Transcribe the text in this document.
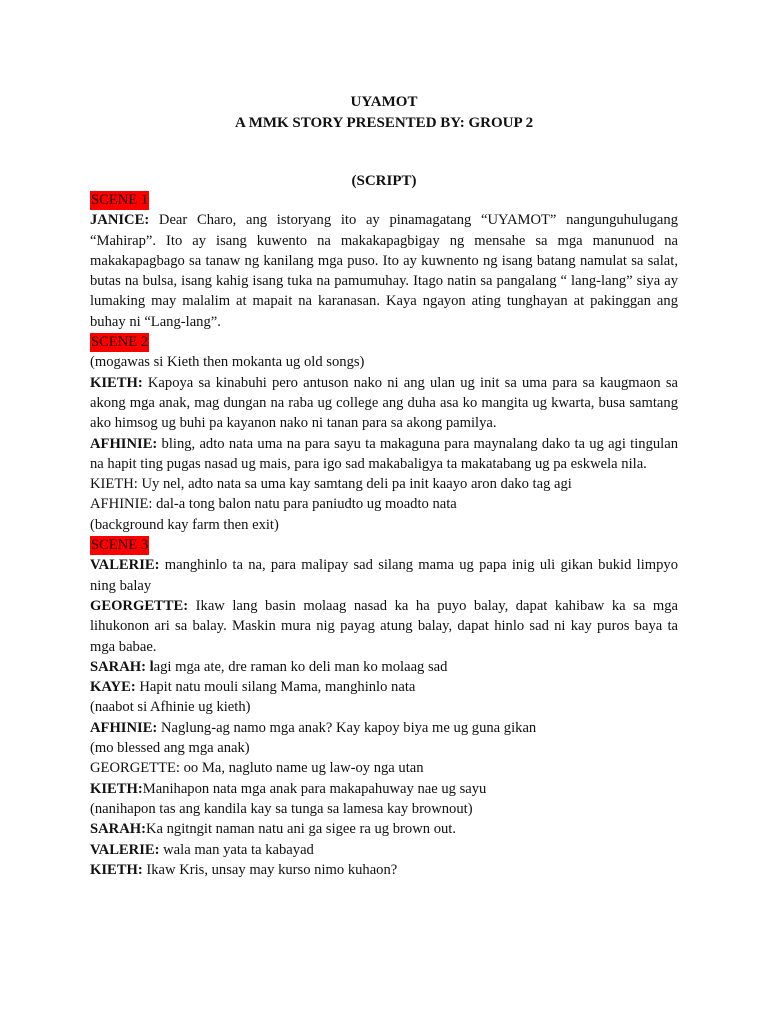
UYAMOT
A MMK STORY PRESENTED BY: GROUP 2
(SCRIPT)
SCENE 1
JANICE: Dear Charo, ang istoryang ito ay pinamagatang “UYAMOT” nangunguhulugang “Mahirap”. Ito ay isang kuwento na makakapagbigay ng mensahe sa mga manunuod na makakapagbago sa tanaw ng kanilang mga puso. Ito ay kuwnento ng isang batang namulat sa salat, butas na bulsa, isang kahig isang tuka na pamumuhay. Itago natin sa pangalang “ lang-lang” siya ay lumaking may malalim at mapait na karanasan. Kaya ngayon ating tunghayan at pakinggan ang buhay ni “Lang-lang”.
SCENE 2
(mogawas si Kieth then mokanta ug old songs)
KIETH: Kapoya sa kinabuhi pero antuson nako ni ang ulan ug init sa uma para sa kaugmaon sa akong mga anak, mag dungan na raba ug college ang duha asa ko mangita ug kwarta, busa samtang ako himsog ug buhi pa kayanon nako ni tanan para sa akong pamilya.
AFHINIE: bling, adto nata uma na para sayu ta makaguna para maynalang dako ta ug agi tingulan na hapit ting pugas nasad ug mais, para igo sad makabaligya ta makatabang ug pa eskwela nila.
KIETH: Uy nel, adto nata sa uma kay samtang deli pa init kaayo aron dako tag agi
AFHINIE: dal-a tong balon natu para paniudto ug moadto nata
(background kay farm then exit)
SCENE 3
VALERIE: manghinlo ta na, para malipay sad silang mama ug papa inig uli gikan bukid limpyo ning balay
GEORGETTE: Ikaw lang basin molaag nasad ka ha puyo balay, dapat kahibaw ka sa mga lihukonon ari sa balay. Maskin mura nig payag atung balay, dapat hinlo sad ni kay puros baya ta mga babae.
SARAH: lagi mga ate, dre raman ko deli man ko molaag sad
KAYE: Hapit natu mouli silang Mama, manghinlo nata
(naabot si Afhinie ug kieth)
AFHINIE: Naglung-ag namo mga anak? Kay kapoy biya me ug guna gikan
(mo blessed ang mga anak)
GEORGETTE: oo Ma, nagluto name ug law-oy nga utan
KIETH:Manihapon nata mga anak para makapahuway nae ug sayu
(nanihapon tas ang kandila kay sa tunga sa lamesa kay brownout)
SARAH:Ka ngitngit naman natu ani ga sigee ra ug brown out.
VALERIE: wala man yata ta kabayad
KIETH: Ikaw Kris, unsay may kurso nimo kuhaon?
